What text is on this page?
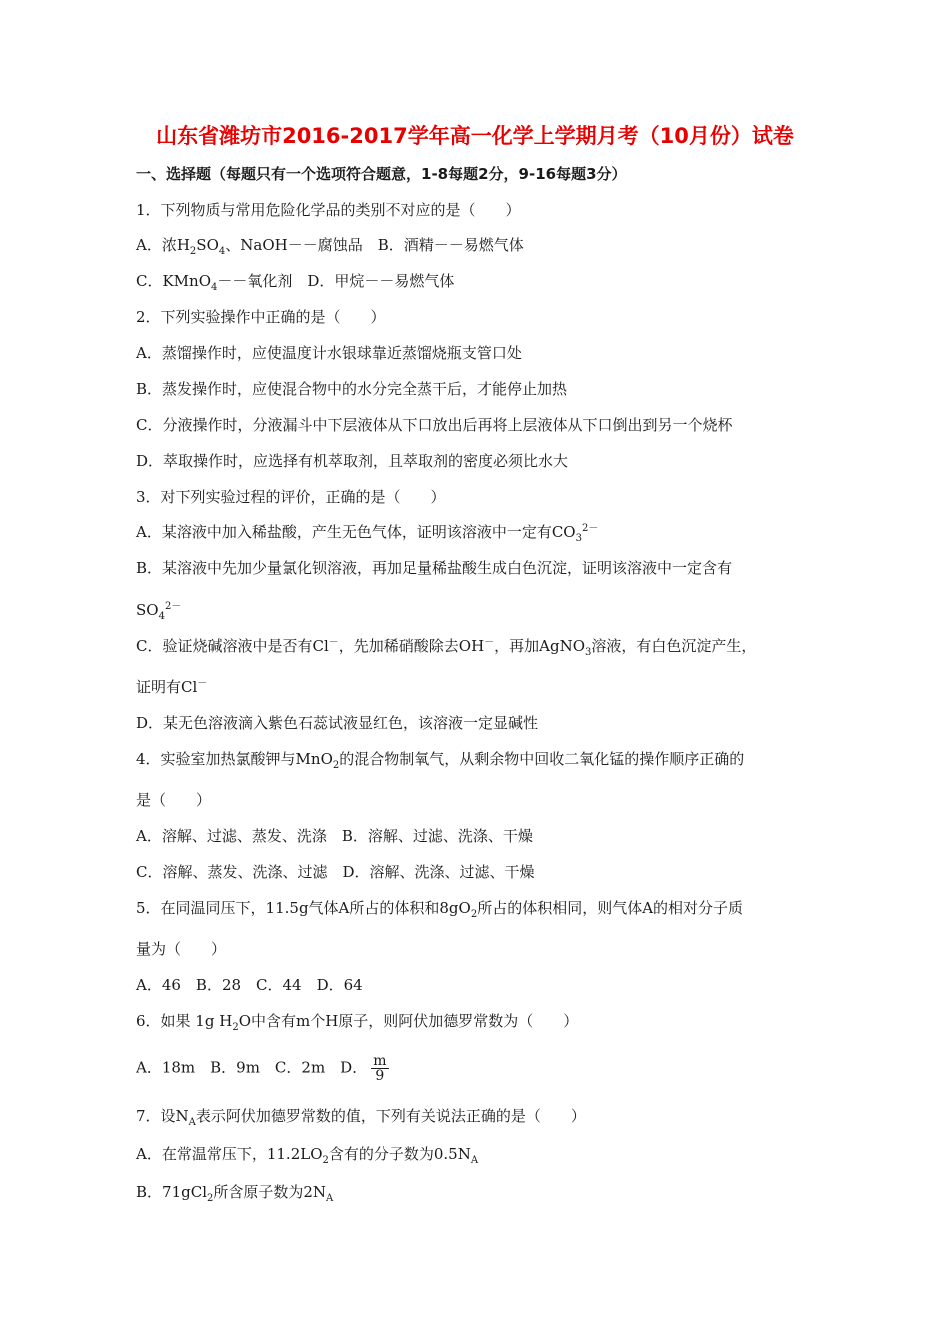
山东省潍坊市2016-2017学年高一化学上学期月考（10月份）试卷
一、选择题（每题只有一个选项符合题意，1-8每题2分，9-16每题3分）
1．下列物质与常用危险化学品的类别不对应的是（　　）
A．浓$H_2SO_4$、NaOH－－腐蚀品　B．酒精－－易燃气体
C．KMnO$_4$－－氧化剂　D．甲烷－－易燃气体
2．下列实验操作中正确的是（　　）
A．蒸馏操作时，应使温度计水银球靠近蒸馏烧瓶支管口处
B．蒸发操作时，应使混合物中的水分完全蒸干后，才能停止加热
C．分液操作时，分液漏斗中下层液体从下口放出后再将上层液体从下口倒出到另一个烧杯
D．萃取操作时，应选择有机萃取剂，且萃取剂的密度必须比水大
3．对下列实验过程的评价，正确的是（　　）
A．某溶液中加入稀盐酸，产生无色气体，证明该溶液中一定有$CO_3^{2-}$
B．某溶液中先加少量氯化钡溶液，再加足量稀盐酸生成白色沉淀，证明该溶液中一定含有
$SO_4^{2-}$
C．验证烧碱溶液中是否有Cl－，先加稀硝酸除去OH－，再加AgNO$_3$溶液，有白色沉淀产生，
证明有Cl－
D．某无色溶液滴入紫色石蕊试液显红色，该溶液一定显碱性
4．实验室加热氯酸钾与MnO$_2$的混合物制氧气，从剩余物中回收二氧化锰的操作顺序正确的
是（　　）
A．溶解、过滤、蒸发、洗涤　B．溶解、过滤、洗涤、干燥
C．溶解、蒸发、洗涤、过滤　D．溶解、洗涤、过滤、干燥
5．在同温同压下，11.5g气体A所占的体积和$8gO_2$所占的体积相同，则气体A的相对分子质
量为（　　）
A．46　B．28　C．44　D．64
6．如果 1g $H_2O$中含有m个H原子，则阿伏加德罗常数为（　　）
A．18m　B．9m　C．2m　D． $\frac{m}{9}$
7．设$N_A$表示阿伏加德罗常数的值，下列有关说法正确的是（　　）
A．在常温常压下，$11.2LO_2$含有的分子数为$0.5N_A$
B．71gCl$_2$所含原子数为$2N_A$
